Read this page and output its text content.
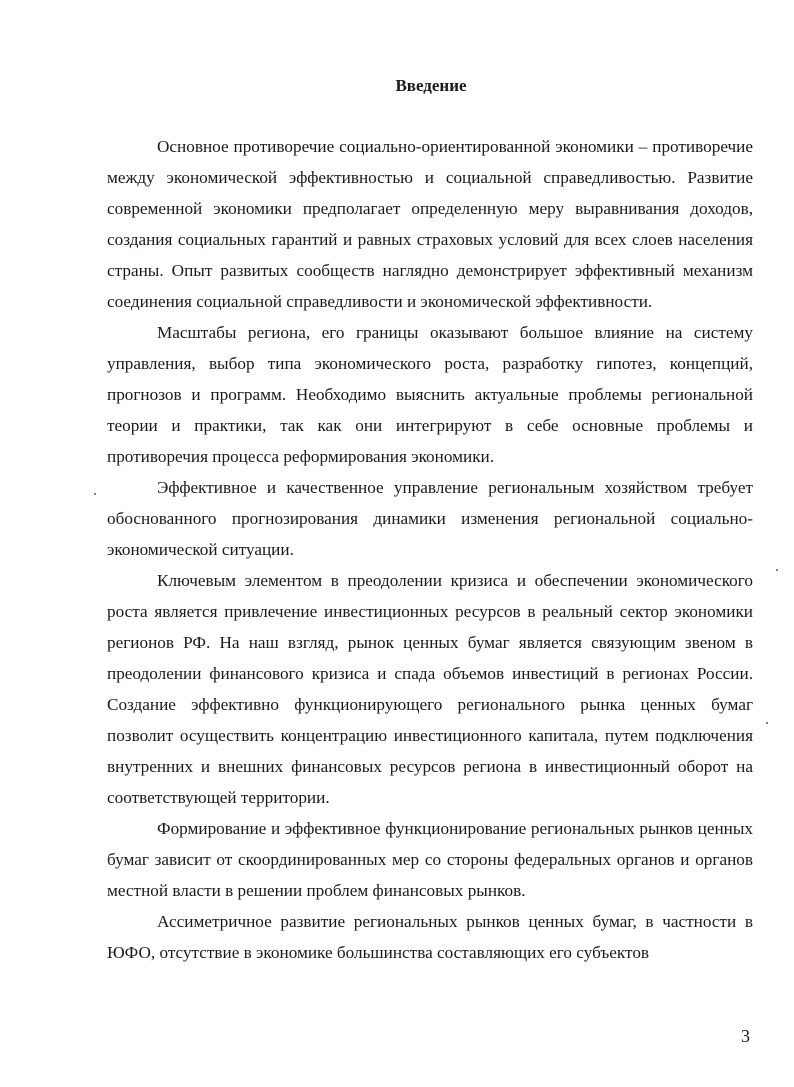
Введение

Основное противоречие социально-ориентированной экономики – противоречие между экономической эффективностью и социальной справедливостью. Развитие современной экономики предполагает определенную меру выравнивания доходов, создания социальных гарантий и равных страховых условий для всех слоев населения страны. Опыт развитых сообществ наглядно демонстрирует эффективный механизм соединения социальной справедливости и экономической эффективности.

Масштабы региона, его границы оказывают большое влияние на систему управления, выбор типа экономического роста, разработку гипотез, концепций, прогнозов и программ. Необходимо выяснить актуальные проблемы региональной теории и практики, так как они интегрируют в себе основные проблемы и противоречия процесса реформирования экономики.

Эффективное и качественное управление региональным хозяйством требует обоснованного прогнозирования динамики изменения региональной социально-экономической ситуации.

Ключевым элементом в преодолении кризиса и обеспечении экономического роста является привлечение инвестиционных ресурсов в реальный сектор экономики регионов РФ. На наш взгляд, рынок ценных бумаг является связующим звеном в преодолении финансового кризиса и спада объемов инвестиций в регионах России. Создание эффективно функционирующего регионального рынка ценных бумаг позволит осуществить концентрацию инвестиционного капитала, путем подключения внутренних и внешних финансовых ресурсов региона в инвестиционный оборот на соответствующей территории.

Формирование и эффективное функционирование региональных рынков ценных бумаг зависит от скоординированных мер со стороны федеральных органов и органов местной власти в решении проблем финансовых рынков.

Ассиметричное развитие региональных рынков ценных бумаг, в частности в ЮФО, отсутствие в экономике большинства составляющих его субъектов

3
